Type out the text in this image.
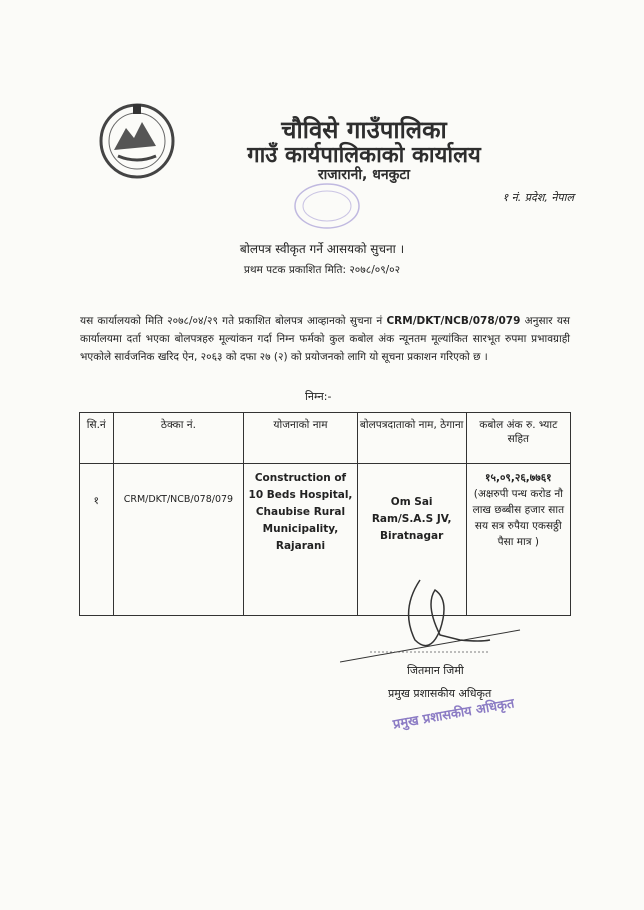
चौविसे गाउँपालिका
गाउँ कार्यपालिकाको कार्यालय
राजारानी, धनकुटा
१ नं. प्रदेश, नेपाल
बोलपत्र स्वीकृत गर्ने आसयको सुचना ।
प्रथम पटक प्रकाशित मिति: २०७८/०९/०२
यस कार्यालयको मिति २०७८/०४/२९ गते प्रकाशित बोलपत्र आव्हानको सुचना नं CRM/DKT/NCB/078/079 अनुसार यस कार्यालयमा दर्ता भएका बोलपत्रहरु मूल्यांकन गर्दा निम्न फर्मको कुल कबोल अंक न्यूनतम मूल्यांकित सारभूत रुपमा प्रभावग्राही भएकोले सार्वजनिक खरिद ऐन, २०६३ को दफा २७ (२) को प्रयोजनको लागि यो सूचना प्रकाशन गरिएको छ ।
निम्न:-
सि.नं	ठेक्का नं.	योजनाको नाम	बोलपत्रदाताको नाम, ठेगाना	कबोल अंक रु. भ्याट सहित
१	CRM/DKT/NCB/078/079	Construction of 10 Beds Hospital, Chaubise Rural Municipality, Rajarani	Om Sai Ram/S.A.S JV, Biratnagar	१५,०९,२६,७७६१
(अक्षरुपी पन्ध करोड नौ लाख छब्बीस हजार सात सय सत्र रुपैया एकसठ्ठी पैसा मात्र )
जितमान जिमी
प्रमुख प्रशासकीय अधिकृत
प्रमुख प्रशासकीय अधिकृत
